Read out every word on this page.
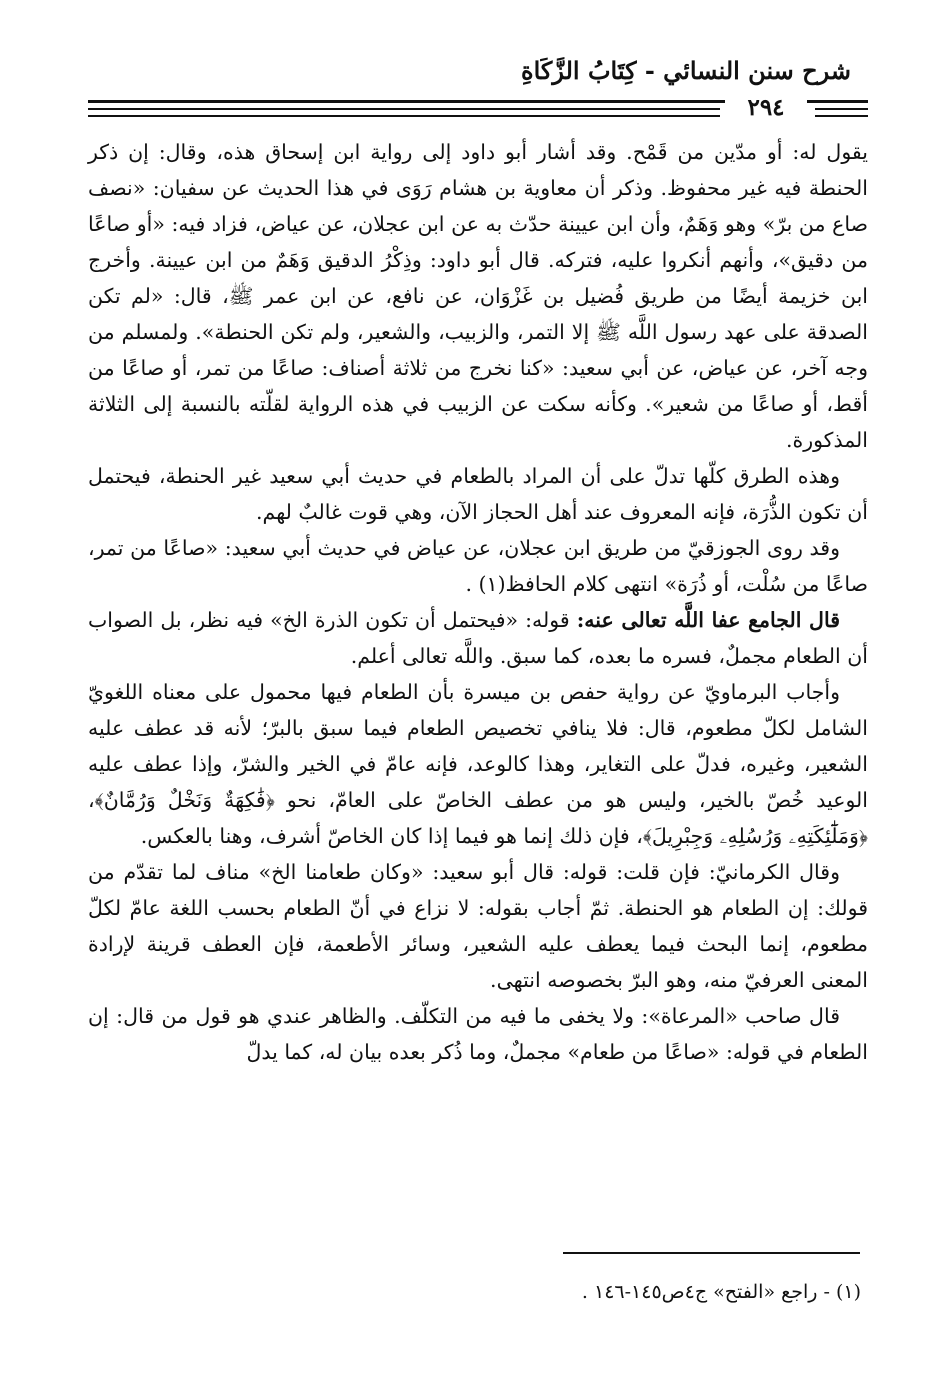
شرح سنن النسائي - كِتَابُ الزَّكَاةِ
٢٩٤

يقول له: أو مدّين من قَمْح. وقد أشار أبو داود إلى رواية ابن إسحاق هذه، وقال: إن ذكر الحنطة فيه غير محفوظ. وذكر أن معاوية بن هشام رَوَى في هذا الحديث عن سفيان: «نصف صاع من برّ» وهو وَهَمٌ، وأن ابن عيينة حدّث به عن ابن عجلان، عن عياض، فزاد فيه: «أو صاعًا من دقيق»، وأنهم أنكروا عليه، فتركه. قال أبو داود: وذِكْرُ الدقيق وَهَمٌ من ابن عيينة. وأخرج ابن خزيمة أيضًا من طريق فُضيل بن غَزْوَان، عن نافع، عن ابن عمر ﷺ، قال: «لم تكن الصدقة على عهد رسول اللَّه ﷺ إلا التمر، والزبيب، والشعير، ولم تكن الحنطة». ولمسلم من وجه آخر، عن عياض، عن أبي سعيد: «كنا نخرج من ثلاثة أصناف: صاعًا من تمر، أو صاعًا من أقط، أو صاعًا من شعير». وكأنه سكت عن الزبيب في هذه الرواية لقلّته بالنسبة إلى الثلاثة المذكورة.

وهذه الطرق كلّها تدلّ على أن المراد بالطعام في حديث أبي سعيد غير الحنطة، فيحتمل أن تكون الذُّرَة، فإنه المعروف عند أهل الحجاز الآن، وهي قوت غالبٌ لهم.

وقد روى الجوزقيّ من طريق ابن عجلان، عن عياض في حديث أبي سعيد: «صاعًا من تمر، صاعًا من سُلْت، أو ذُرَة» انتهى كلام الحافظ(١) .

قال الجامع عفا اللَّه تعالى عنه: قوله: «فيحتمل أن تكون الذرة الخ» فيه نظر، بل الصواب أن الطعام مجملٌ، فسره ما بعده، كما سبق. واللَّه تعالى أعلم.

وأجاب البرماويّ عن رواية حفص بن ميسرة بأن الطعام فيها محمول على معناه اللغويّ الشامل لكلّ مطعوم، قال: فلا ينافي تخصيص الطعام فيما سبق بالبرّ؛ لأنه قد عطف عليه الشعير، وغيره، فدلّ على التغاير، وهذا كالوعد، فإنه عامّ في الخير والشرّ، وإذا عطف عليه الوعيد خُصّ بالخير، وليس هو من عطف الخاصّ على العامّ، نحو ﴿فَٰكِهَةٌ وَنَخْلٌ وَرُمَّانٌ﴾، ﴿وَمَلَٰٓئِكَتِهِۦ وَرُسُلِهِۦ وَجِبْرِيلَ﴾، فإن ذلك إنما هو فيما إذا كان الخاصّ أشرف، وهنا بالعكس.

وقال الكرمانيّ: فإن قلت: قوله: قال أبو سعيد: «وكان طعامنا الخ» مناف لما تقدّم من قولك: إن الطعام هو الحنطة. ثمّ أجاب بقوله: لا نزاع في أنّ الطعام بحسب اللغة عامّ لكلّ مطعوم، إنما البحث فيما يعطف عليه الشعير، وسائر الأطعمة، فإن العطف قرينة لإرادة المعنى العرفيّ منه، وهو البرّ بخصوصه انتهى.

قال صاحب «المرعاة»: ولا يخفى ما فيه من التكلّف. والظاهر عندي هو قول من قال: إن الطعام في قوله: «صاعًا من طعام» مجملٌ، وما ذُكر بعده بيان له، كما يدلّ

(١) - راجع «الفتح» ج٤ص١٤٥-١٤٦ .
